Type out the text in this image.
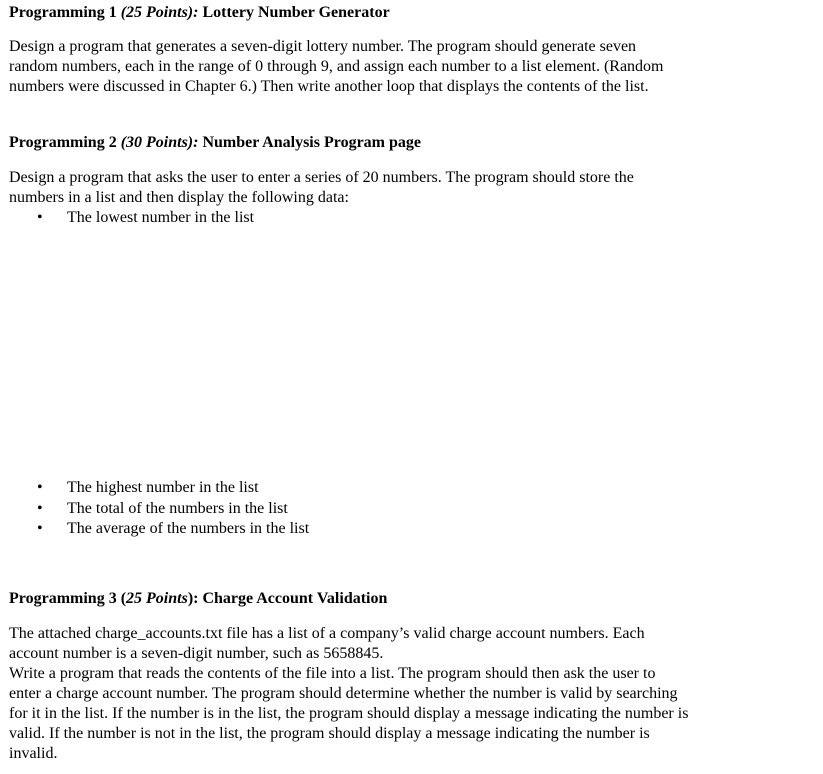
Programming 1 (25 Points): Lottery Number Generator
Design a program that generates a seven-digit lottery number. The program should generate seven
random numbers, each in the range of 0 through 9, and assign each number to a list element. (Random
numbers were discussed in Chapter 6.) Then write another loop that displays the contents of the list.
Programming 2 (30 Points): Number Analysis Program page
Design a program that asks the user to enter a series of 20 numbers. The program should store the
numbers in a list and then display the following data:
• The lowest number in the list
• The highest number in the list
• The total of the numbers in the list
• The average of the numbers in the list
Programming 3 (25 Points): Charge Account Validation
The attached charge_accounts.txt file has a list of a company’s valid charge account numbers. Each
account number is a seven-digit number, such as 5658845.
Write a program that reads the contents of the file into a list. The program should then ask the user to
enter a charge account number. The program should determine whether the number is valid by searching
for it in the list. If the number is in the list, the program should display a message indicating the number is
valid. If the number is not in the list, the program should display a message indicating the number is
invalid.
